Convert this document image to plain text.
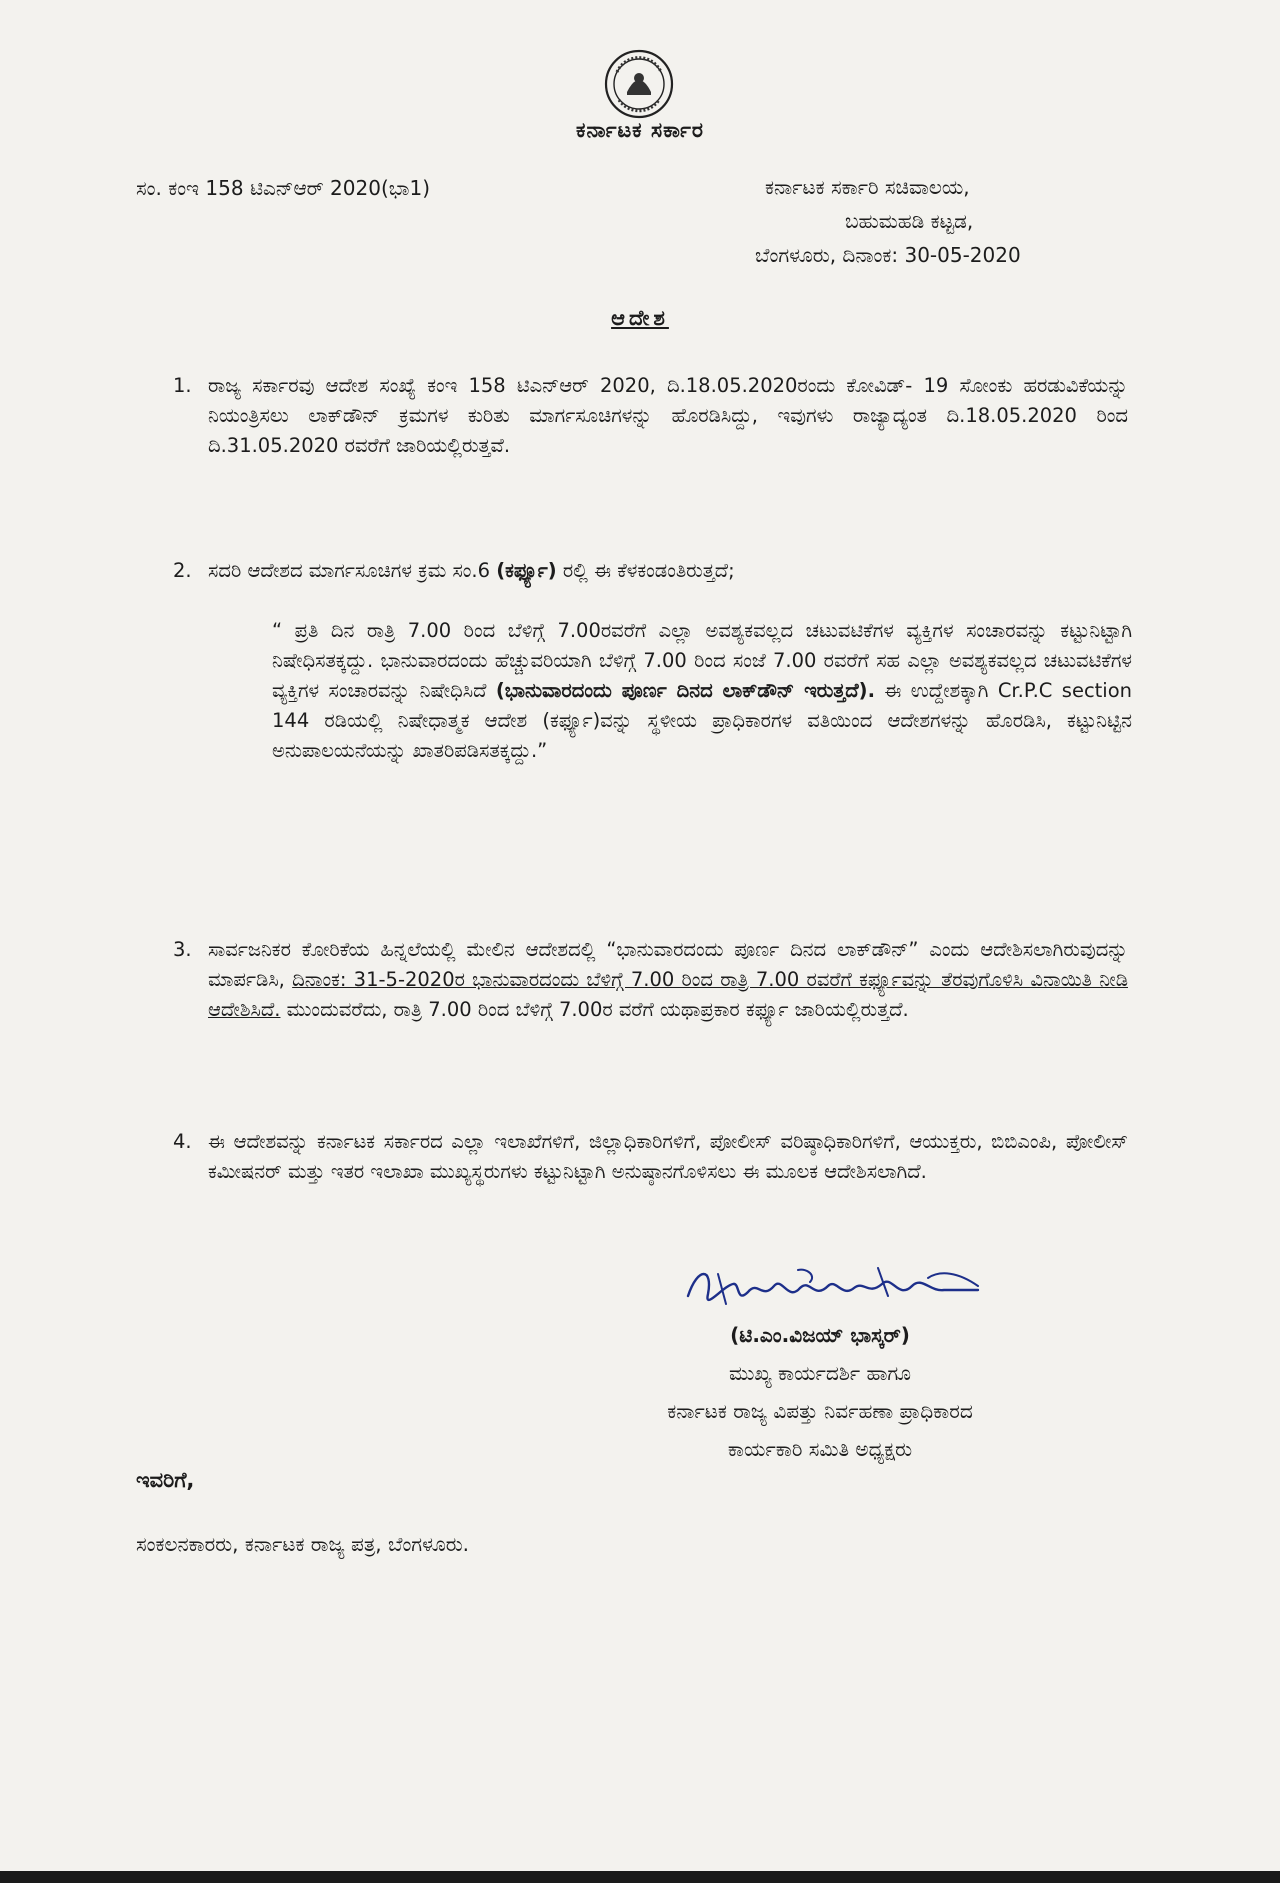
ಕರ್ನಾಟಕ ಸರ್ಕಾರ
ಸಂ. ಕಂಇ 158 ಟಿಎನ್‌ಆರ್ 2020(ಭಾ1)	ಕರ್ನಾಟಕ ಸರ್ಕಾರಿ ಸಚಿವಾಲಯ,
ಬಹುಮಹಡಿ ಕಟ್ಟಡ,
ಬೆಂಗಳೂರು, ದಿನಾಂಕ: 30-05-2020
ಆದೇಶ
1. ರಾಜ್ಯ ಸರ್ಕಾರವು ಆದೇಶ ಸಂಖ್ಯೆ ಕಂಇ 158 ಟಿಎನ್‌ಆರ್ 2020, ದಿ.18.05.2020ರಂದು ಕೋವಿಡ್- 19 ಸೋಂಕು ಹರಡುವಿಕೆಯನ್ನು ನಿಯಂತ್ರಿಸಲು ಲಾಕ್‌ಡೌನ್ ಕ್ರಮಗಳ ಕುರಿತು ಮಾರ್ಗಸೂಚಿಗಳನ್ನು ಹೊರಡಿಸಿದ್ದು, ಇವುಗಳು ರಾಜ್ಯಾದ್ಯಂತ ದಿ.18.05.2020 ರಿಂದ ದಿ.31.05.2020 ರವರೆಗೆ ಜಾರಿಯಲ್ಲಿರುತ್ತವೆ.
2. ಸದರಿ ಆದೇಶದ ಮಾರ್ಗಸೂಚಿಗಳ ಕ್ರಮ ಸಂ.6 (ಕರ್ಫ್ಯೂ) ರಲ್ಲಿ ಈ ಕೆಳಕಂಡಂತಿರುತ್ತದೆ;
“ ಪ್ರತಿ ದಿನ ರಾತ್ರಿ 7.00 ರಿಂದ ಬೆಳಿಗ್ಗೆ 7.00ರವರೆಗೆ ಎಲ್ಲಾ ಅವಶ್ಯಕವಲ್ಲದ ಚಟುವಟಿಕೆಗಳ ವ್ಯಕ್ತಿಗಳ ಸಂಚಾರವನ್ನು ಕಟ್ಟುನಿಟ್ಟಾಗಿ ನಿಷೇಧಿಸತಕ್ಕದ್ದು. ಭಾನುವಾರದಂದು ಹೆಚ್ಚುವರಿಯಾಗಿ ಬೆಳಿಗ್ಗೆ 7.00 ರಿಂದ ಸಂಜೆ 7.00 ರವರೆಗೆ ಸಹ ಎಲ್ಲಾ ಅವಶ್ಯಕವಲ್ಲದ ಚಟುವಟಿಕೆಗಳ ವ್ಯಕ್ತಿಗಳ ಸಂಚಾರವನ್ನು ನಿಷೇಧಿಸಿದೆ (ಭಾನುವಾರದಂದು ಪೂರ್ಣ ದಿನದ ಲಾಕ್‌ಡೌನ್ ಇರುತ್ತದೆ). ಈ ಉದ್ದೇಶಕ್ಕಾಗಿ Cr.P.C section 144 ರಡಿಯಲ್ಲಿ ನಿಷೇಧಾತ್ಮಕ ಆದೇಶ (ಕರ್ಫ್ಯೂ)ವನ್ನು ಸ್ಥಳೀಯ ಪ್ರಾಧಿಕಾರಗಳ ವತಿಯಿಂದ ಆದೇಶಗಳನ್ನು ಹೊರಡಿಸಿ, ಕಟ್ಟುನಿಟ್ಟಿನ ಅನುಪಾಲಯನೆಯನ್ನು ಖಾತರಿಪಡಿಸತಕ್ಕದ್ದು.”
3. ಸಾರ್ವಜನಿಕರ ಕೋರಿಕೆಯ ಹಿನ್ನಲೆಯಲ್ಲಿ ಮೇಲಿನ ಆದೇಶದಲ್ಲಿ “ಭಾನುವಾರದಂದು ಪೂರ್ಣ ದಿನದ ಲಾಕ್‌ಡೌನ್” ಎಂದು ಆದೇಶಿಸಲಾಗಿರುವುದನ್ನು ಮಾರ್ಪಡಿಸಿ, ದಿನಾಂಕ: 31-5-2020ರ ಭಾನುವಾರದಂದು ಬೆಳಿಗ್ಗೆ 7.00 ರಿಂದ ರಾತ್ರಿ 7.00 ರವರೆಗೆ ಕರ್ಫ್ಯೂವನ್ನು ತೆರವುಗೊಳಿಸಿ ವಿನಾಯಿತಿ ನೀಡಿ ಆದೇಶಿಸಿದೆ. ಮುಂದುವರೆದು, ರಾತ್ರಿ 7.00 ರಿಂದ ಬೆಳಿಗ್ಗೆ 7.00ರ ವರೆಗೆ ಯಥಾಪ್ರಕಾರ ಕರ್ಫ್ಯೂ ಜಾರಿಯಲ್ಲಿರುತ್ತದೆ.
4. ಈ ಆದೇಶವನ್ನು ಕರ್ನಾಟಕ ಸರ್ಕಾರದ ಎಲ್ಲಾ ಇಲಾಖೆಗಳಿಗೆ, ಜಿಲ್ಲಾಧಿಕಾರಿಗಳಿಗೆ, ಪೋಲೀಸ್ ವರಿಷ್ಠಾಧಿಕಾರಿಗಳಿಗೆ, ಆಯುಕ್ತರು, ಬಿಬಿಎಂಪಿ, ಪೋಲೀಸ್ ಕಮೀಷನರ್ ಮತ್ತು ಇತರ ಇಲಾಖಾ ಮುಖ್ಯಸ್ಥರುಗಳು ಕಟ್ಟುನಿಟ್ಟಾಗಿ ಅನುಷ್ಠಾನಗೊಳಿಸಲು ಈ ಮೂಲಕ ಆದೇಶಿಸಲಾಗಿದೆ.
(ಟಿ.ಎಂ.ವಿಜಯ್ ಭಾಸ್ಕರ್)
ಮುಖ್ಯ ಕಾರ್ಯದರ್ಶಿ ಹಾಗೂ
ಕರ್ನಾಟಕ ರಾಜ್ಯ ವಿಪತ್ತು ನಿರ್ವಹಣಾ ಪ್ರಾಧಿಕಾರದ
ಕಾರ್ಯಕಾರಿ ಸಮಿತಿ ಅಧ್ಯಕ್ಷರು
ಇವರಿಗೆ,
ಸಂಕಲನಕಾರರು, ಕರ್ನಾಟಕ ರಾಜ್ಯ ಪತ್ರ, ಬೆಂಗಳೂರು.
